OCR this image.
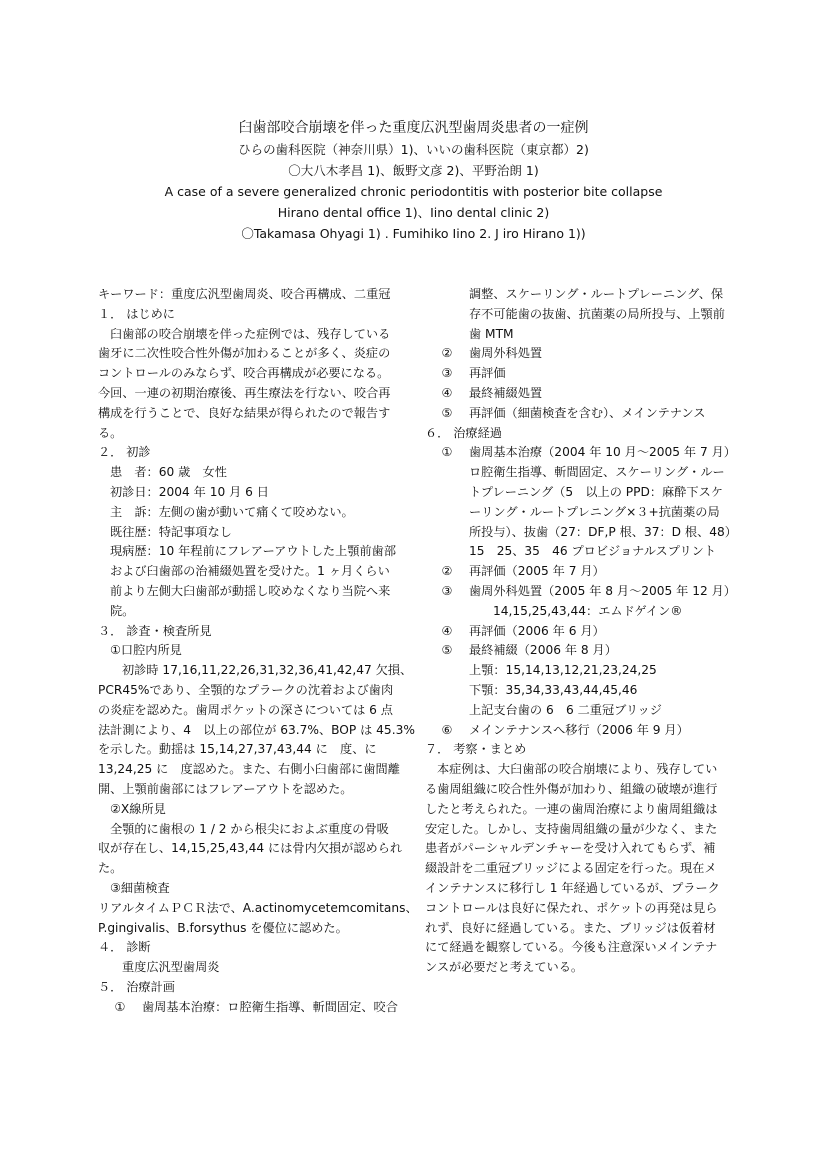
臼歯部咬合崩壊を伴った重度広汎型歯周炎患者の一症例
ひらの歯科医院（神奈川県）1)、いいの歯科医院（東京都）2)
〇大八木孝昌 1)、飯野文彦 2)、平野治朗 1)
A case of a severe generalized chronic periodontitis with posterior bite collapse
Hirano dental office 1)、Iino dental clinic 2)
〇Takamasa Ohyagi 1) . Fumihiko Iino 2. J iro Hirano 1))
キーワード：重度広汎型歯周炎、咬合再構成、二重冠
１． はじめに
臼歯部の咬合崩壊を伴った症例では、残存している
歯牙に二次性咬合性外傷が加わることが多く、炎症の
コントロールのみならず、咬合再構成が必要になる。
今回、一連の初期治療後、再生療法を行ない、咬合再
構成を行うことで、良好な結果が得られたので報告す
る。
２． 初診
患　者：60 歳　女性
初診日：2004 年 10 月 6 日
主　訴：左側の歯が動いて痛くて咬めない。
既往歴：特記事項なし
現病歴：10 年程前にフレアーアウトした上顎前歯部
および臼歯部の治補綴処置を受けた。1 ヶ月くらい
前より左側大臼歯部が動揺し咬めなくなり当院へ来
院。
３． 診査・検査所見
①口腔内所見
初診時 17,16,11,22,26,31,32,36,41,42,47 欠損、
PCR45%であり、全顎的なプラークの沈着および歯肉
の炎症を認めた。歯周ポケットの深さについては 6 点
法計測により、4　以上の部位が 63.7%、BOP は 45.3%
を示した。動揺は 15,14,27,37,43,44 に　度、に
13,24,25 に　度認めた。また、右側小臼歯部に歯間離
開、上顎前歯部にはフレアーアウトを認めた。
②X線所見
全顎的に歯根の 1 / 2 から根尖におよぶ重度の骨吸
収が存在し、14,15,25,43,44 には骨内欠損が認められ
た。
③細菌検査
リアルタイムＰＣＲ法で、A.actinomycetemcomitans、
P.gingivalis、B.forsythus を優位に認めた。
４． 診断
重度広汎型歯周炎
５． 治療計画
①	歯周基本治療：ロ腔衛生指導、斬間固定、咬合
調整、スケーリング・ルートプレーニング、保
存不可能歯の抜歯、抗菌薬の局所投与、上顎前
歯 MTM
②	歯周外科処置
③	再評価
④	最終補綴処置
⑤	再評価（細菌検査を含む）、メインテナンス
６． 治療経過
①	歯周基本治療（2004 年 10 月～2005 年 7 月）
ロ腔衛生指導、斬間固定、スケーリング・ルー
トプレーニング（5　以上の PPD：麻酔下スケ
ーリング・ルートプレニング×３+抗菌薬の局
所投与）、抜歯（27：DF,P 根、37：D 根、48）
15　25、35　46 プロビジョナルスプリント
②	再評価（2005 年 7 月）
③	歯周外科処置（2005 年 8 月～2005 年 12 月）
14,15,25,43,44：エムドゲイン®
④	再評価（2006 年 6 月）
⑤	最終補綴（2006 年 8 月）
上顎：15,14,13,12,21,23,24,25
下顎：35,34,33,43,44,45,46
上記支台歯の 6　6 二重冠ブリッジ
⑥	メインテナンスへ移行（2006 年 9 月）
７． 考察・まとめ
本症例は、大臼歯部の咬合崩壊により、残存してい
る歯周組織に咬合性外傷が加わり、組織の破壊が進行
したと考えられた。一連の歯周治療により歯周組織は
安定した。しかし、支持歯周組織の量が少なく、また
患者がパーシャルデンチャーを受け入れてもらず、補
綴設計を二重冠ブリッジによる固定を行った。現在メ
インテナンスに移行し 1 年経過しているが、プラーク
コントロールは良好に保たれ、ポケットの再発は見ら
れず、良好に経過している。また、ブリッジは仮着材
にて経過を観察している。今後も注意深いメインテナ
ンスが必要だと考えている。
